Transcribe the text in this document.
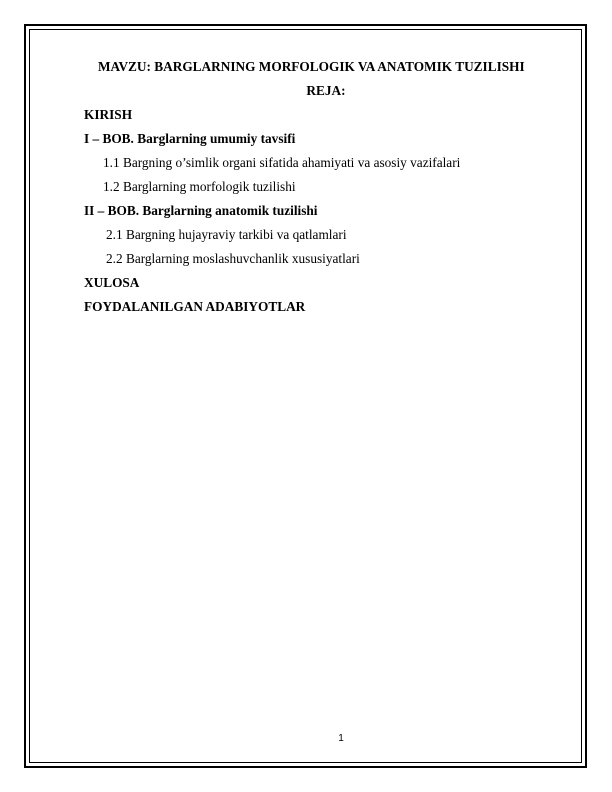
MAVZU: BARGLARNING MORFOLOGIK VA ANATOMIK TUZILISHI
REJA:
KIRISH
I – BOB. Barglarning umumiy tavsifi
1.1 Bargning o’simlik organi sifatida ahamiyati va asosiy vazifalari
1.2 Barglarning morfologik tuzilishi
II – BOB. Barglarning anatomik tuzilishi
2.1 Bargning hujayraviy tarkibi va qatlamlari
2.2 Barglarning moslashuvchanlik xususiyatlari
XULOSA
FOYDALANILGAN ADABIYOTLAR
1
